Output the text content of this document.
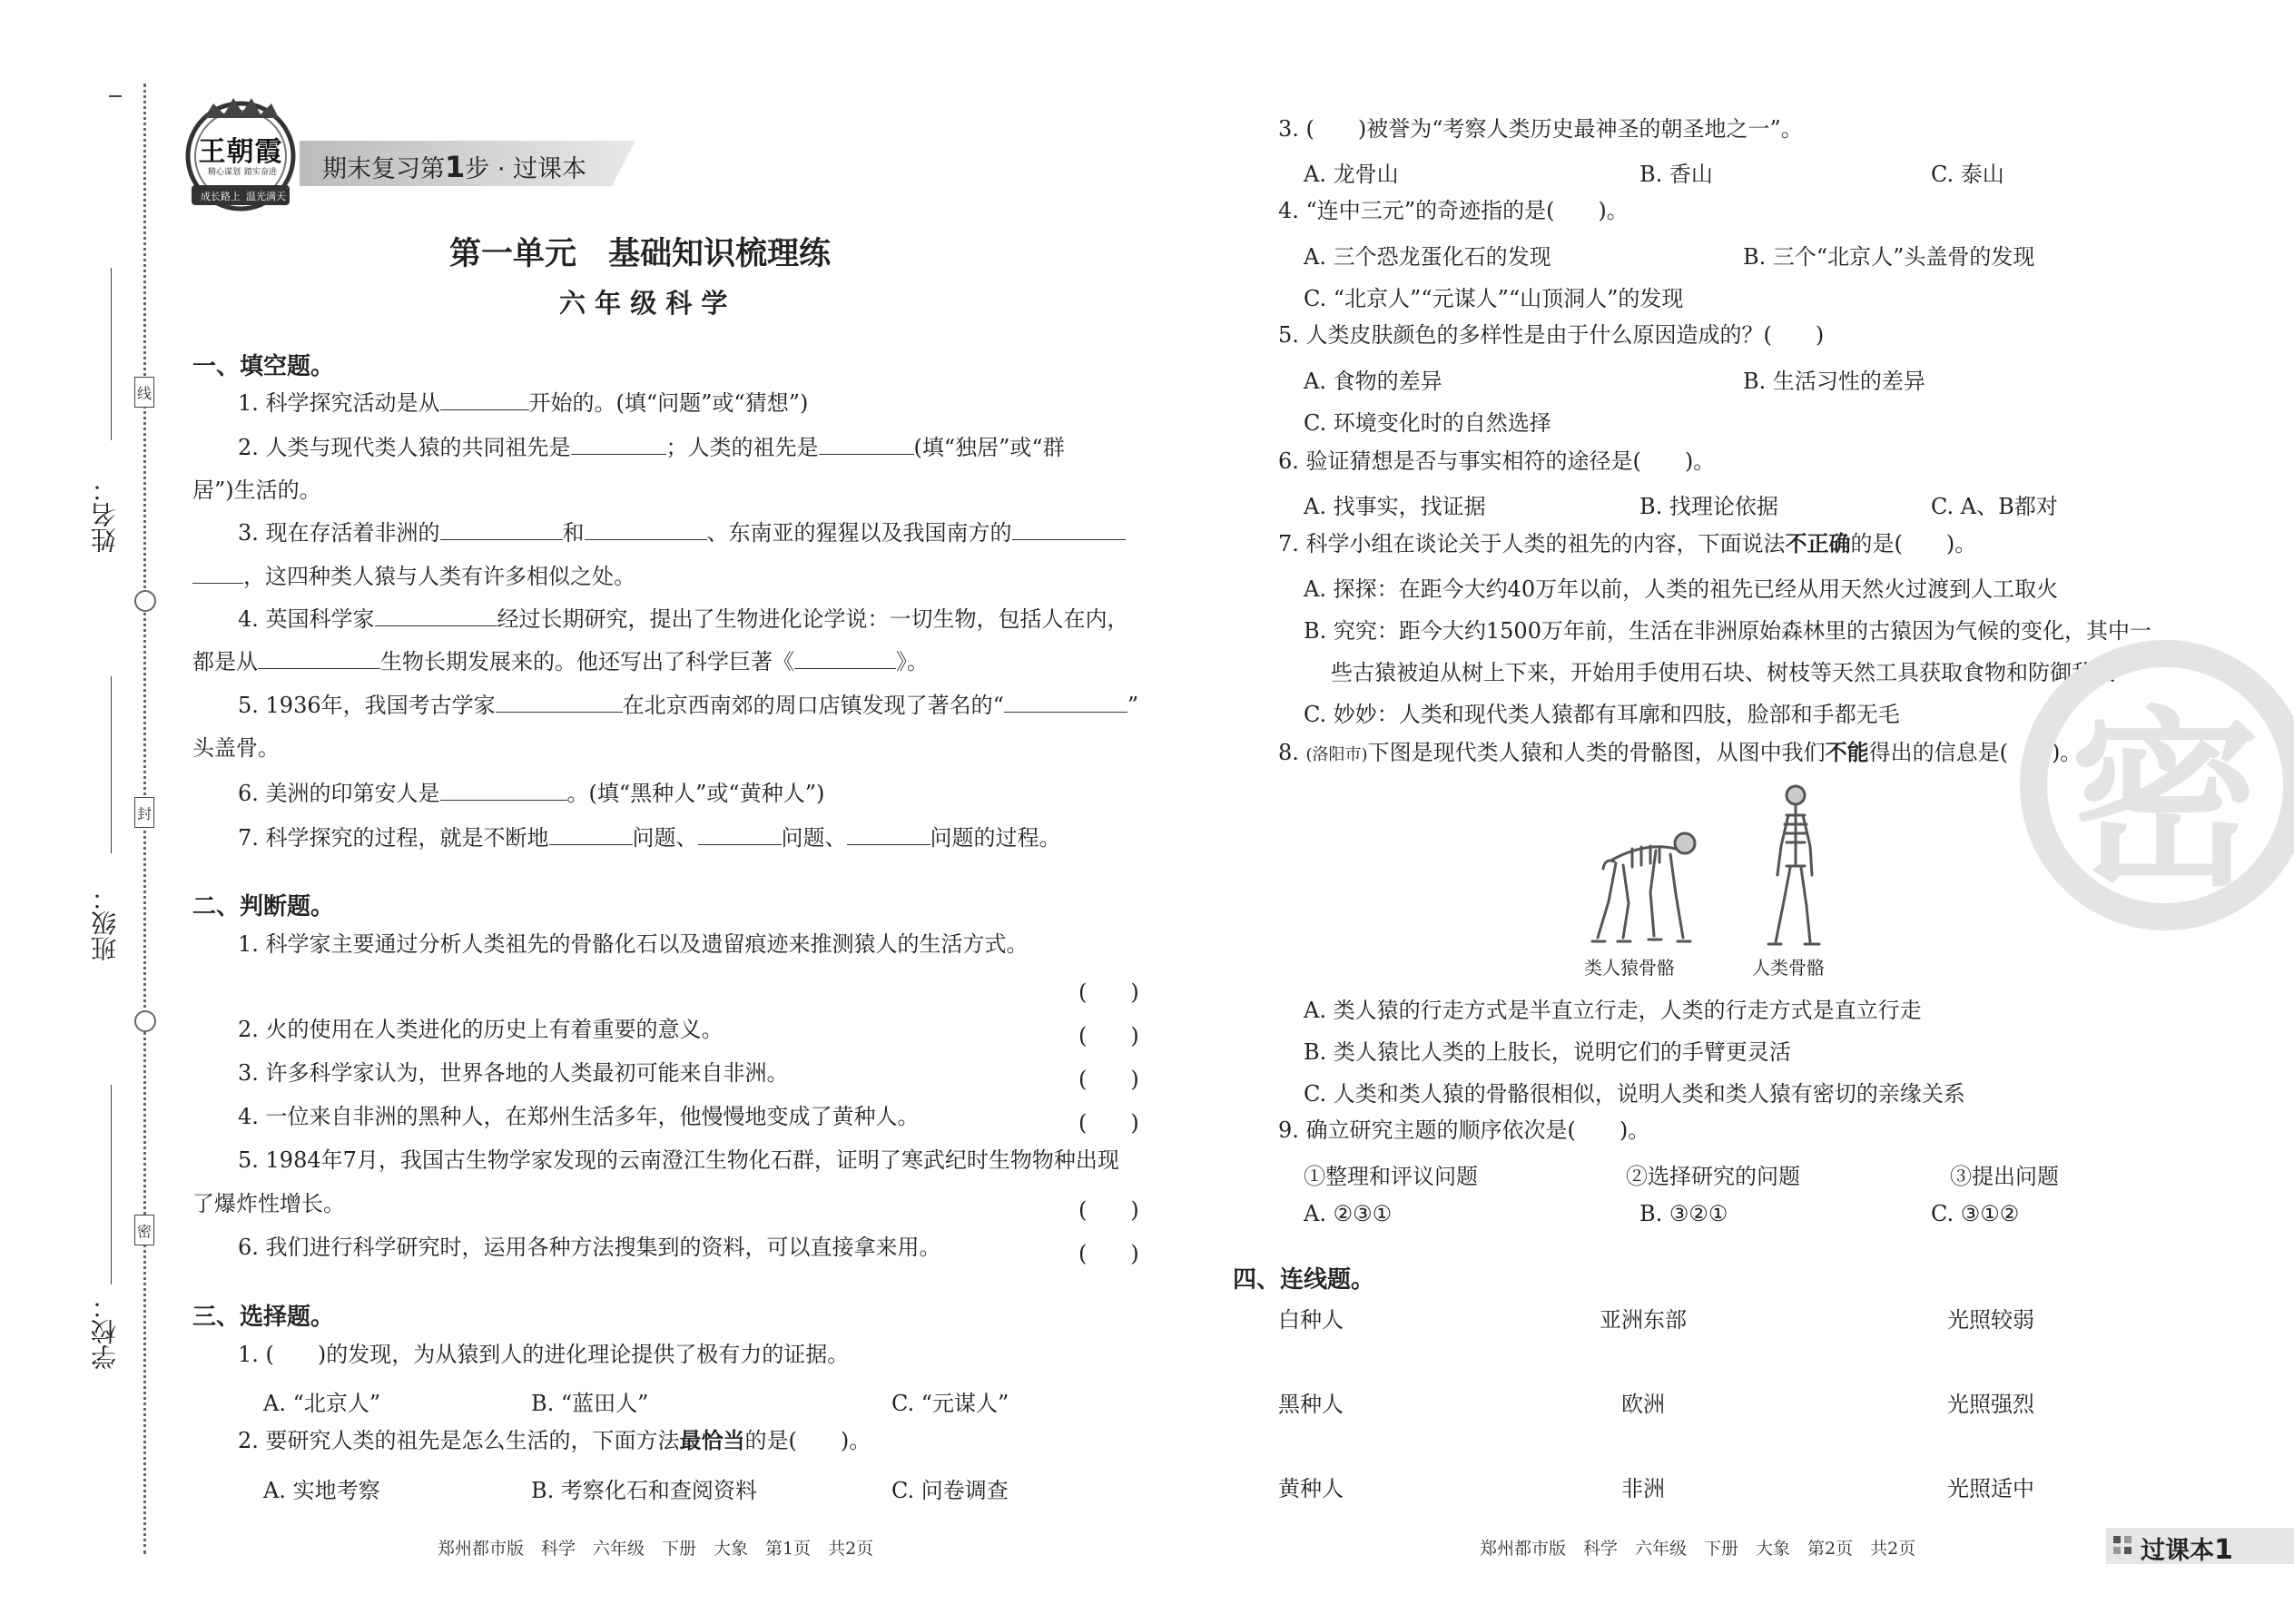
姓名：
线
班级：
封
学校：
密
王朝霞
精心谋划 踏实奋进
成长路上 温光满天
期末复习第1步 · 过课本
第一单元　基础知识梳理练
六 年 级 科 学
一、填空题。
1. 科学探究活动是从	开始的。(填“问题”或“猜想”)
2. 人类与现代类人猿的共同祖先是	；人类的祖先是	(填“独居”或“群
居”)生活的。
3. 现在存活着非洲的	和	、东南亚的猩猩以及我国南方的
，这四种类人猿与人类有许多相似之处。
4. 英国科学家	经过长期研究，提出了生物进化论学说：一切生物，包括人在内，
都是从	生物长期发展来的。他还写出了科学巨著《	》。
5. 1936年，我国考古学家	在北京西南郊的周口店镇发现了著名的“	”
头盖骨。
6. 美洲的印第安人是	。(填“黑种人”或“黄种人”)
7. 科学探究的过程，就是不断地	问题、	问题、	问题的过程。
二、判断题。
1. 科学家主要通过分析人类祖先的骨骼化石以及遗留痕迹来推测猿人的生活方式。
(　　)
2. 火的使用在人类进化的历史上有着重要的意义。	(　　)
3. 许多科学家认为，世界各地的人类最初可能来自非洲。	(　　)
4. 一位来自非洲的黑种人，在郑州生活多年，他慢慢地变成了黄种人。	(　　)
5. 1984年7月，我国古生物学家发现的云南澄江生物化石群，证明了寒武纪时生物物种出现
了爆炸性增长。	(　　)
6. 我们进行科学研究时，运用各种方法搜集到的资料，可以直接拿来用。	(　　)
三、选择题。
1. (　　)的发现，为从猿到人的进化理论提供了极有力的证据。
A. “北京人”	B. “蓝田人”	C. “元谋人”
2. 要研究人类的祖先是怎么生活的，下面方法最恰当的是(　　)。
A. 实地考察	B. 考察化石和查阅资料	C. 问卷调查
郑州都市版　科学　六年级　下册　大象　第1页　共2页
3. (　　)被誉为“考察人类历史最神圣的朝圣地之一”。
A. 龙骨山	B. 香山	C. 泰山
4. “连中三元”的奇迹指的是(　　)。
A. 三个恐龙蛋化石的发现	B. 三个“北京人”头盖骨的发现
C. “北京人”“元谋人”“山顶洞人”的发现
5. 人类皮肤颜色的多样性是由于什么原因造成的？(　　)
A. 食物的差异	B. 生活习性的差异
C. 环境变化时的自然选择
6. 验证猜想是否与事实相符的途径是(　　)。
A. 找事实，找证据	B. 找理论依据	C. A、B都对
7. 科学小组在谈论关于人类的祖先的内容，下面说法不正确的是(　　)。
A. 探探：在距今大约40万年以前，人类的祖先已经从用天然火过渡到人工取火
B. 究究：距今大约1500万年前，生活在非洲原始森林里的古猿因为气候的变化，其中一
些古猿被迫从树上下来，开始用手使用石块、树枝等天然工具获取食物和防御敌人
C. 妙妙：人类和现代类人猿都有耳廓和四肢，脸部和手都无毛
8. (洛阳市)下图是现代类人猿和人类的骨骼图，从图中我们不能得出的信息是(　　)。
类人猿骨骼	人类骨骼
A. 类人猿的行走方式是半直立行走，人类的行走方式是直立行走
B. 类人猿比人类的上肢长，说明它们的手臂更灵活
C. 人类和类人猿的骨骼很相似，说明人类和类人猿有密切的亲缘关系
9. 确立研究主题的顺序依次是(　　)。
①整理和评议问题	②选择研究的问题	③提出问题
A. ②③①	B. ③②①	C. ③①②
四、连线题。
白种人	亚洲东部	光照较弱
黑种人	欧洲	光照强烈
黄种人	非洲	光照适中
郑州都市版　科学　六年级　下册　大象　第2页　共2页	过课本1
密
